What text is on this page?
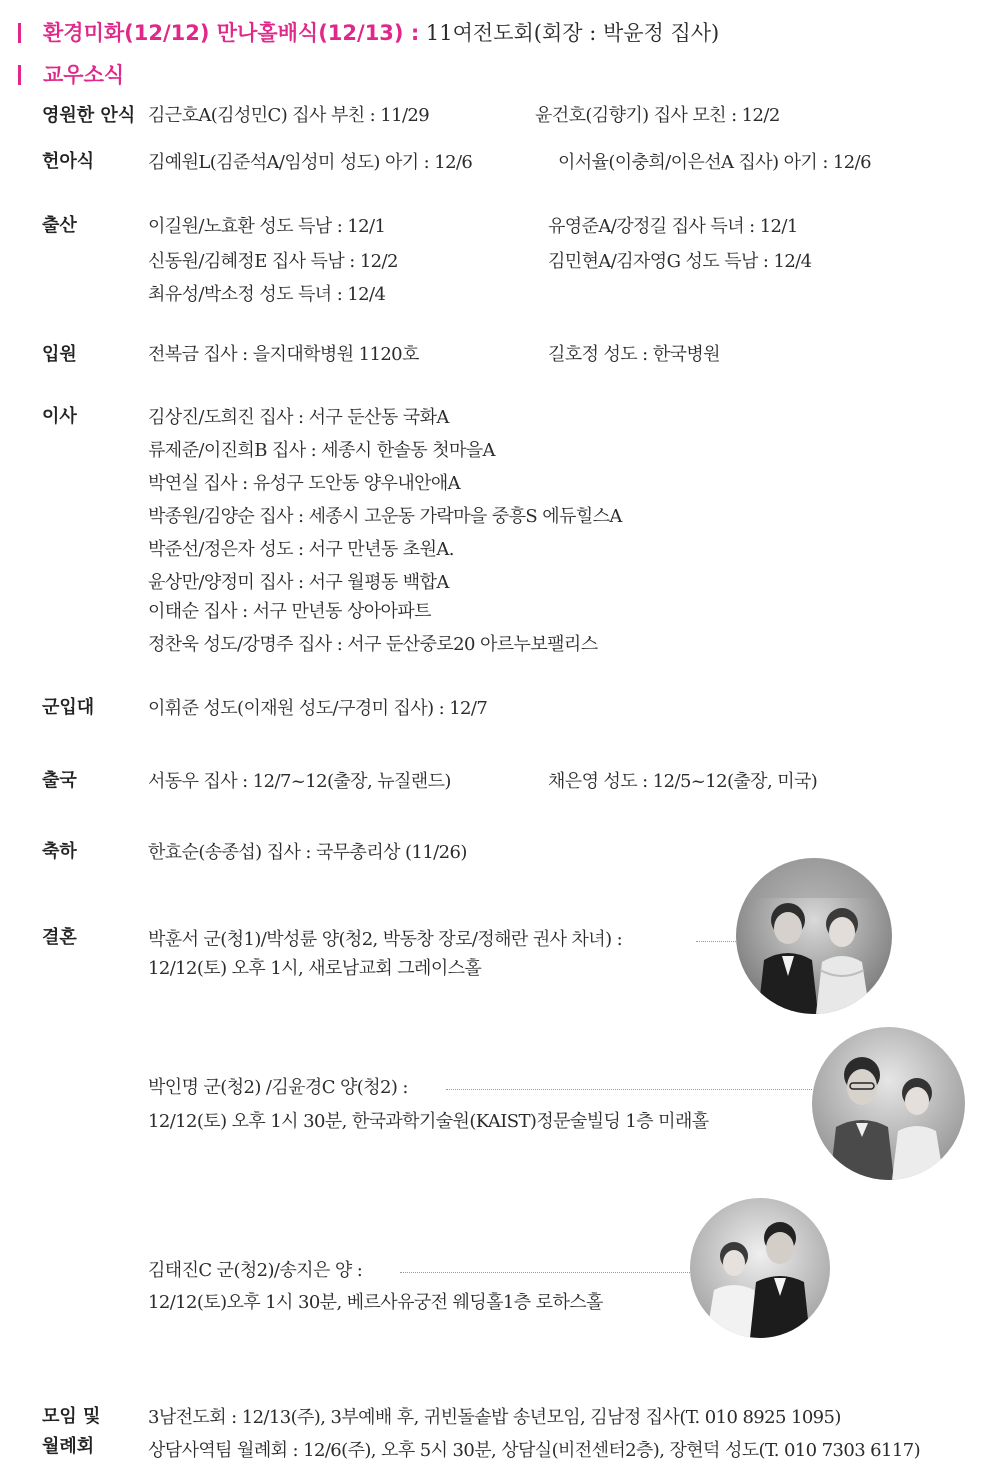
환경미화(12/12) 만나홀배식(12/13) : 11여전도회(회장 : 박윤정 집사)
교우소식
영원한 안식 김근호A(김성민C) 집사 부친 : 11/29	윤건호(김향기) 집사 모친 : 12/2
헌아식	김예원L(김준석A/임성미 성도) 아기 : 12/6	이서율(이충희/이은선A 집사) 아기 : 12/6
출산	이길원/노효환 성도 득남 : 12/1	유영준A/강정길 집사 득녀 : 12/1
신동원/김혜정E 집사 득남 : 12/2	김민현A/김자영G 성도 득남 : 12/4
최유성/박소정 성도 득녀 : 12/4
입원	전복금 집사 : 을지대학병원 1120호	길호정 성도 : 한국병원
이사	김상진/도희진 집사 : 서구 둔산동 국화A
류제준/이진희B 집사 : 세종시 한솔동 첫마을A
박연실 집사 : 유성구 도안동 양우내안애A
박종원/김양순 집사 : 세종시 고운동 가락마을 중흥S 에듀힐스A
박준선/정은자 성도 : 서구 만년동 초원A.
윤상만/양정미 집사 : 서구 월평동 백합A
이태순 집사 : 서구 만년동 상아아파트
정찬욱 성도/강명주 집사 : 서구 둔산중로20 아르누보팰리스
군입대	이휘준 성도(이재원 성도/구경미 집사) : 12/7
출국	서동우 집사 : 12/7~12(출장, 뉴질랜드)	채은영 성도 : 12/5~12(출장, 미국)
축하	한효순(송종섭) 집사 : 국무총리상 (11/26)
결혼	박훈서 군(청1)/박성륜 양(청2, 박동창 장로/정해란 권사 차녀) :
12/12(토) 오후 1시, 새로남교회 그레이스홀
박인명 군(청2) /김윤경C 양(청2) :
12/12(토) 오후 1시 30분, 한국과학기술원(KAIST)정문술빌딩 1층 미래홀
김태진C 군(청2)/송지은 양 :
12/12(토)오후 1시 30분, 베르사유궁전 웨딩홀1층 로하스홀
모임 및
월례회
3남전도회 : 12/13(주), 3부예배 후, 귀빈돌솥밥 송년모임, 김남정 집사(T. 010 8925 1095)
상담사역팀 월례회 : 12/6(주), 오후 5시 30분, 상담실(비전센터2층), 장현덕 성도(T. 010 7303 6117)
